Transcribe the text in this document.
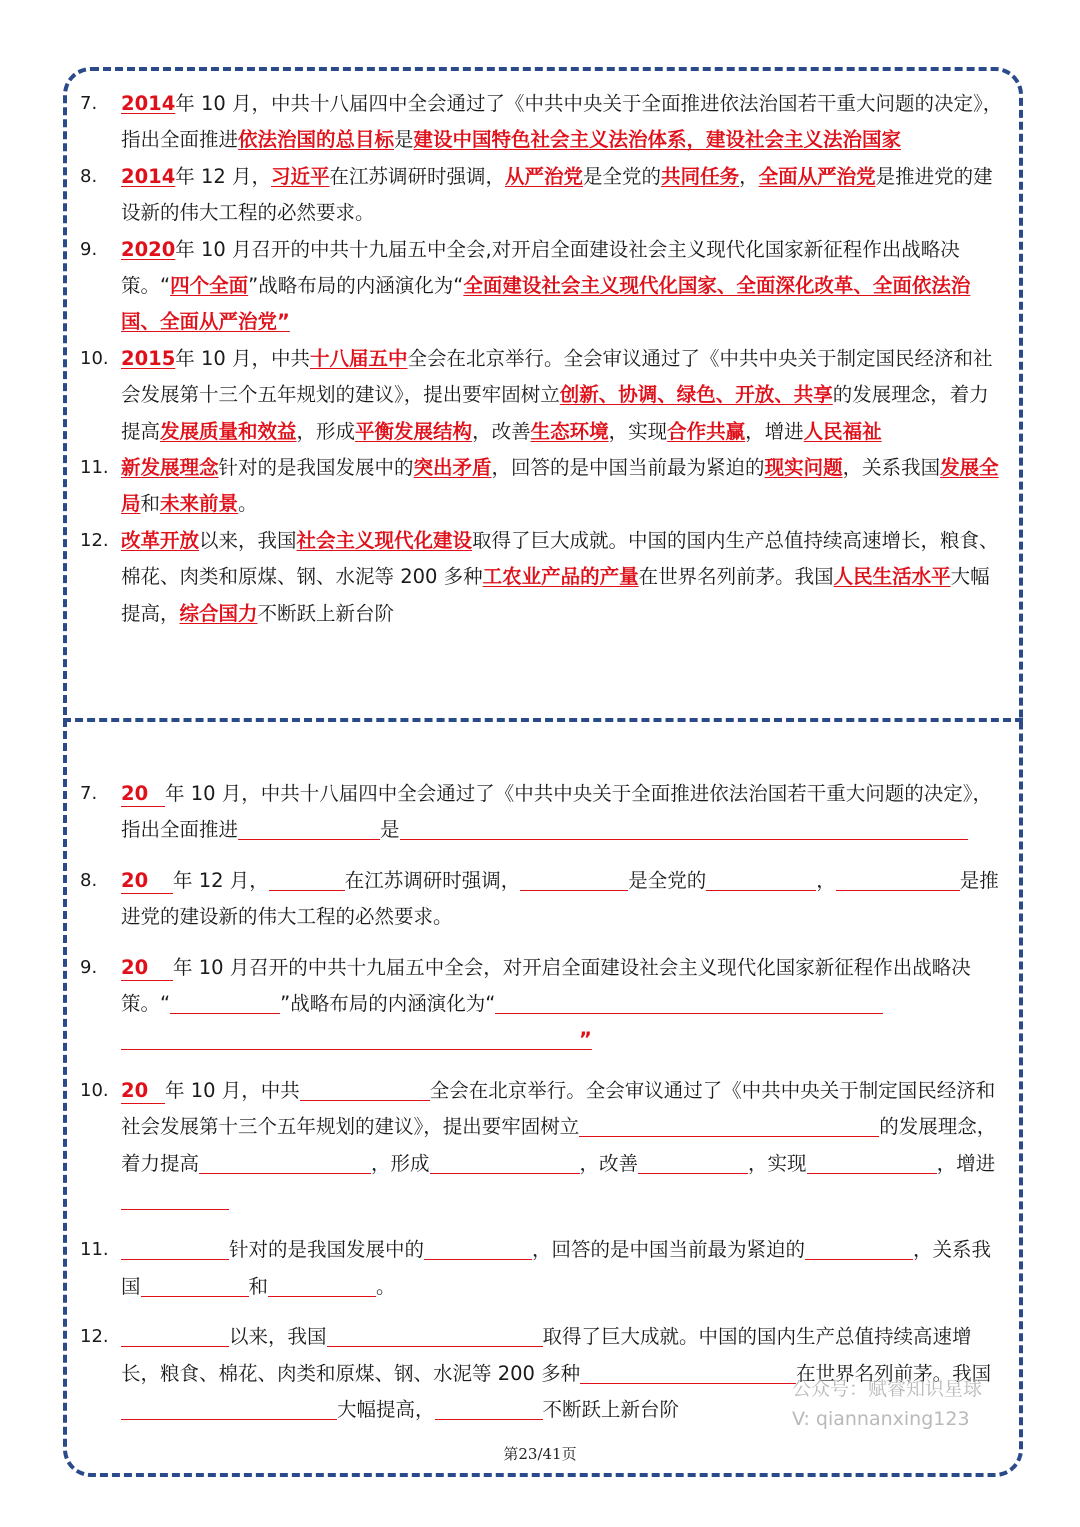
7.	2014年 10 月，中共十八届四中全会通过了《中共中央关于全面推进依法治国若干重大问题的决定》， 指出全面推进依法治国的总目标是建设中国特色社会主义法治体系，建设社会主义法治国家
8.	2014年 12 月，习近平在江苏调研时强调，从严治党是全党的共同任务，全面从严治党是推进党的建设新的伟大工程的必然要求。
9.	2020年 10 月召开的中共十九届五中全会,对开启全面建设社会主义现代化国家新征程作出战略决策。“四个全面”战略布局的内涵演化为“全面建设社会主义现代化国家、全面深化改革、全面依法治国、全面从严治党”
10. 2015年 10 月，中共十八届五中全会在北京举行。全会审议通过了《中共中央关于制定国民经济和社会发展第十三个五年规划的建议》，提出要牢固树立创新、协调、绿色、开放、共享的发展理念，着力提高发展质量和效益，形成平衡发展结构，改善生态环境，实现合作共赢，增进人民福祉
11. 新发展理念针对的是我国发展中的突出矛盾，回答的是中国当前最为紧迫的现实问题，关系我国发展全局和未来前景。
12. 改革开放以来，我国社会主义现代化建设取得了巨大成就。中国的国内生产总值持续高速增长，粮食、棉花、肉类和原煤、钢、水泥等 200 多种工农业产品的产量在世界名列前茅。我国人民生活水平大幅提高，综合国力不断跃上新台阶
7.	20 年 10 月，中共十八届四中全会通过了《中共中央关于全面推进依法治国若干重大问题的决定》， 指出全面推进	是
8.	20 年 12 月，	在江苏调研时强调，	是全党的	，	是推进党的建设新的伟大工程的必然要求。
9.	20 年 10 月召开的中共十九届五中全会，对开启全面建设社会主义现代化国家新征程作出战略决策。“	”战略布局的内涵演化为“”
10. 20 年 10 月，中共	全会在北京举行。全会审议通过了《中共中央关于制定国民经济和社会发展第十三个五年规划的建议》，提出要牢固树立	的发展理念，着力提高	，形成	，改善	，实现	，增进
11.	针对的是我国发展中的	，回答的是中国当前最为紧迫的	，关系我国	和	。
12.	以来，我国	取得了巨大成就。中国的国内生产总值持续高速增长，粮食、棉花、肉类和原煤、钢、水泥等 200 多种	在世界名列前茅。我国大幅提高，	不断跃上新台阶
公众号：赋睿知识星球
V: qiannanxing123
第23/41页
